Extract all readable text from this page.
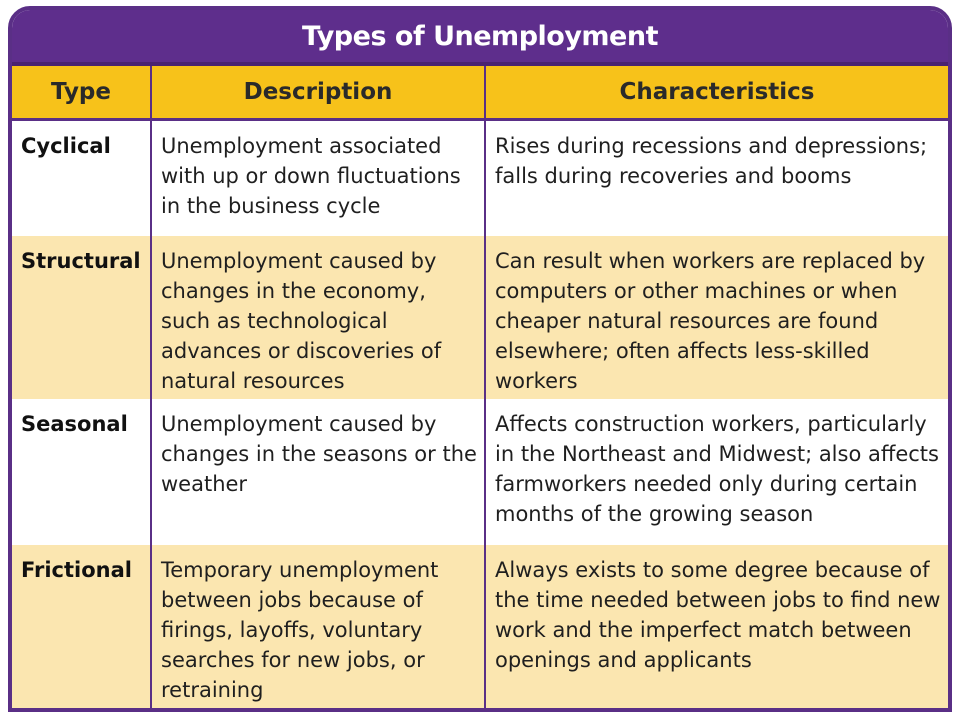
Types of Unemployment
Type	Description	Characteristics
Cyclical	Unemployment associated with up or down fluctuations in the business cycle	Rises during recessions and depressions; falls during recoveries and booms
Structural	Unemployment caused by changes in the economy, such as technological advances or discoveries of natural resources	Can result when workers are replaced by computers or other machines or when cheaper natural resources are found elsewhere; often affects less-skilled workers
Seasonal	Unemployment caused by changes in the seasons or the weather	Affects construction workers, particularly in the Northeast and Midwest; also affects farmworkers needed only during certain months of the growing season
Frictional	Temporary unemployment between jobs because of firings, layoffs, voluntary searches for new jobs, or retraining	Always exists to some degree because of the time needed between jobs to find new work and the imperfect match between openings and applicants
